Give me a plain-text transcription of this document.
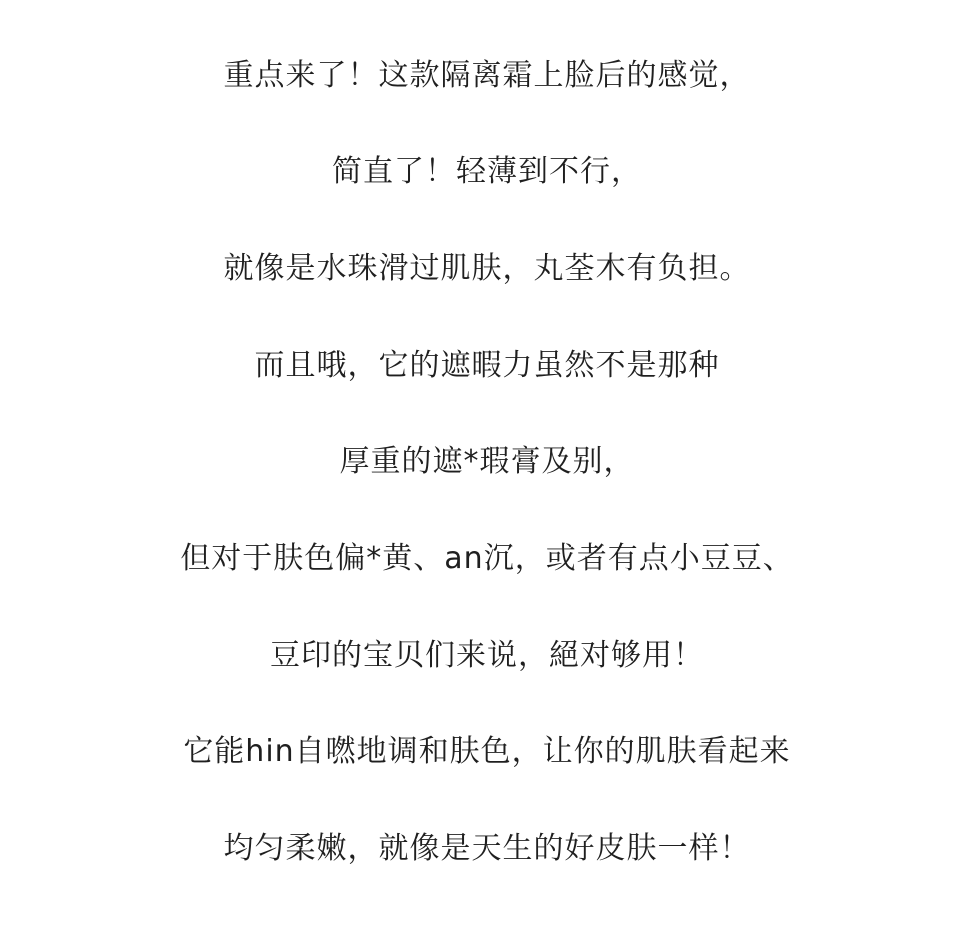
重点来了！这款隔离霜上脸后的感觉，
简直了！轻薄到不行，
就像是水珠滑过肌肤，丸荃木有负担。
而且哦，它的遮暇力虽然不是那种
厚重的遮*瑕膏及别，
但对于肤色偏*黄、an沉，或者有点小豆豆、
豆印的宝贝们来说，絕对够用！
它能hin自嘫地调和肤色，让你的肌肤看起来
均匀柔嫩，就像是天生的好皮肤一样！
